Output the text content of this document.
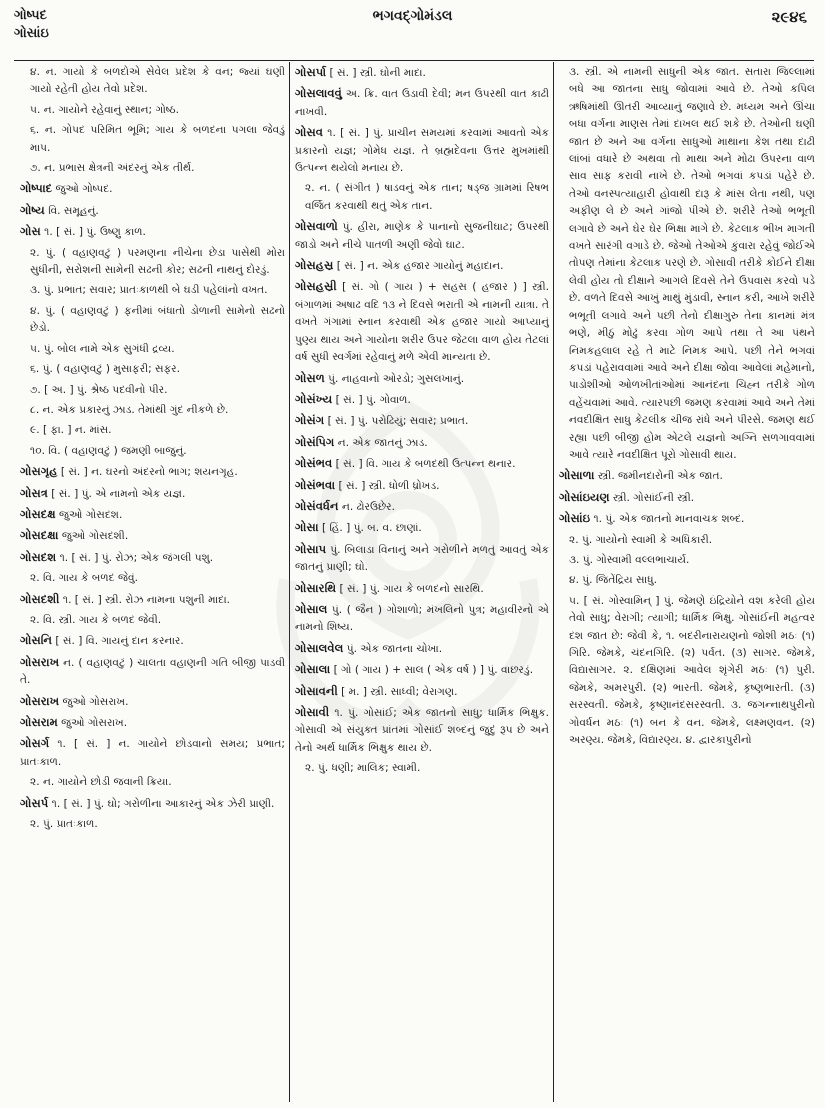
ગોષ્પદ
ગોસાંઇ
ભગવદ્ગોમંડલ	૨૯૪૬
૪. ન. ગાયો કે બળદોએ સેવેલ પ્રદેશ કે વન; જ્યાં ઘણી ગાયો રહેતી હોય તેવો પ્રદેશ.
૫. ન. ગાયોને રહેવાનું સ્થાન; ગોષ્ઠ.
૬. ન. ગોપદ પરિમિત ભૂમિ; ગાય કે બળદના પગલા જેવડું માપ.
૭. ન. પ્રભાસ ક્ષેત્રની અંદરનું એક તીર્થ.
ગોષ્પાદ જુઓ ગોષ્પદ.
ગોષ્ય વિ. સમૂહનું.
ગોસ ૧. [ સં. ] પું. ઉષ્ણુ કાળ.
૨. પું. ( વહાણવટું ) પરમણના નીચેના છેડા પાસેથી મોરા સુધીની, સરોશની સામેની સઢની કોર; સઢની નાથનું દોરડું.
૩. પું. પ્રભાત; સવાર; પ્રાતઃકાળથી બે ઘડી પહેલાંનો વખત.
૪. પું. ( વહાણવટું ) ફનીમાં બંધાતો ડોળાની સામેનો સઢનો છેડો.
૫. પું. બોલ નામે એક સુગંધી દ્રવ્ય.
૬. પું. ( વહાણવટું ) મુસાફરી; સફર.
૭. [ અ. ] પું. શ્રેષ્ઠ પદવીનો પીર.
૮. ન. એક પ્રકારનું ઝાડ. તેમાંથી ગુંદ નીકળે છે.
૯. [ ફા. ] ન. માંસ.
૧૦. વિ. ( વહાણવટું ) જમણી બાજુનું.
ગોસગૃહ [ સં. ] ન. ઘરનો અંદરનો ભાગ; શયનગૃહ.
ગોસત્ર [ સં. ] પું. એ નામનો એક યજ્ઞ.
ગોસદક્ષ જુઓ ગોસદશ.
ગોસદક્ષા જુઓ ગોસદશી.
ગોસદશ ૧. [ સં. ] પું. રોઝ; એક જંગલી પશુ.
૨. વિ. ગાય કે બળદ જેવું.
ગોસદશી ૧. [ સં. ] સ્ત્રી. રોઝ નામના પશુની માદા.
૨. વિ. સ્ત્રી. ગાય કે બળદ જેવી.
ગોસનિ [ સં. ] વિ. ગાયનું દાન કરનાર.
ગોસરાખ ન. ( વહાણવટું ) ચાલતા વહાણની ગતિ બીજી પાડવી તે.
ગોસરાખ જુઓ ગોસરાખ.
ગોસરામ જુઓ ગોસરાખ.
ગોસર્ગ ૧. [ સં. ] ન. ગાયોને છોડવાનો સમય; પ્રભાત; પ્રાતઃકાળ.
૨. ન. ગાયોને છોડી જવાની ક્રિયા.
ગોસર્પ ૧. [ સં. ] પું. ઘો; ગરોળીના આકારનું એક ઝેરી પ્રાણી.
૨. પું. પ્રાતઃકાળ.
ગોસર્પા [ સં. ] સ્ત્રી. ઘોની માદા.
ગોસલાવવું અ. ક્રિ. વાત ઉડાવી દેવી; મન ઉપરથી વાત કાઢી નાખવી.
ગોસવ ૧. [ સં. ] પું. પ્રાચીન સમયમાં કરવામાં આવતો એક પ્રકારનો યજ્ઞ; ગોમેધ યજ્ઞ. તે બ્રહ્મદેવના ઉત્તર મુખમાંથી ઉત્પન્ન થયેલો મનાય છે.
૨. ન. ( સંગીત ) ષાડવનું એક તાન; ષડ્જ ગ્રામમાં રિષભ વર્જિત કરવાથી થતું એક તાન.
ગોસવાળો પું. હીરા, માણેક કે પાનાનો સુજનીઘાટ; ઉપરથી જાડો અને નીચે પાતળી અણી જેવો ઘાટ.
ગોસહસ્ર [ સં. ] ન. એક હજાર ગાયોનું મહાદાન.
ગોસહસ્રી [ સં. ગો ( ગાય ) + સહસ ( હજાર ) ] સ્ત્રી. બંગાળમાં અષાઢ વદિ ૧૩ ને દિવસે ભરાતી એ નામની યાત્રા. તે વખતે ગંગામાં સ્નાન કરવાથી એક હજાર ગાયો આપ્યાનું પુણ્ય થાય અને ગાયોના શરીર ઉપર જેટલા વાળ હોય તેટલાં વર્ષ સુધી સ્વર્ગમાં રહેવાનું મળે એવી માન્યતા છે.
ગોસળ પું. નાહવાનો ઓરડો; ગુસલખાનું.
ગોસંખ્ય [ સં. ] પું. ગોવાળ.
ગોસંગ [ સં. ] પું. પરોઢિયું; સવાર; પ્રભાત.
ગોસંપિગ ન. એક જાતનું ઝાડ.
ગોસંભવ [ સં. ] વિ. ગાય કે બળદથી ઉત્પન્ન થનાર.
ગોસંભવા [ સં. ] સ્ત્રી. ધોળી ધ્રોખડ.
ગોસંવર્ધન ન. ઢોરઉછેર.
ગોસા [ હિં. ] પું. બ. વ. છાણાં.
ગોસાપ પું. બિલાડા વિનાનું અને ગરોળીને મળતું આવતું એક જાતનું પ્રાણી; ઘો.
ગોસારથિ [ સં. ] પું. ગાય કે બળદનો સારથિ.
ગોસાલ પું. ( જૈન ) ગોશાળો; મંખલિનો પુત્ર; મહાવીરનો એ નામનો શિષ્ય.
ગોસાલવેલ પું. એક જાતના ચોખા.
ગોસાલા [ ગો ( ગાય ) + સાલ ( એક વર્ષ ) ] પું. વાછરડું.
ગોસાવની [ મ. ] સ્ત્રી. સાધ્વી; વેરાગણ.
ગોસાવી ૧. પું. ગોસાંઈ; એક જાતનો સાધુ; ધાર્મિક ભિક્ષુક. ગોસાવી એ સંયુક્ત પ્રાંતમાં ગોસાંઈ શબ્દનું જુદું રૂપ છે અને તેનો અર્થ ધાર્મિક ભિક્ષુક થાય છે.
૨. પું. ધણી; માલિક; સ્વામી.
૩. સ્ત્રી. એ નામની સાધુની એક જાત. સતારા જિલ્લામાં બધે આ જાતના સાધુ જોવામાં આવે છે. તેઓ કપિલ ઋષિમાંથી ઊતરી આવ્યાનું જણાવે છે. મધ્યમ અને ઊંચા બધા વર્ગના માણસ તેમાં દાખલ થઈ શકે છે. તેઓની ઘણી જાત છે અને આ વર્ગના સાધુઓ માથાના કેશ તથા દાઢી લાંબાં વધારે છે અથવા તો માથા અને મોઢા ઉપરના વાળ સાવ સાફ કરાવી નાખે છે. તેઓ ભગવાં કપડાં પહેરે છે. તેઓ વનસ્પત્યાહારી હોવાથી દારૂ કે માંસ લેતા નથી, પણ અફીણ લે છે અને ગાંજો પીએ છે. શરીરે તેઓ ભભૂતી લગાવે છે અને ઘેર ઘેર ભિક્ષા માગે છે. કેટલાક ભીખ માગતી વખતે સારંગી વગાડે છે. જેઓ તેઓએ કુંવારા રહેવું જોઈએ તોપણ તેમાંના કેટલાક પરણે છે. ગોસાવી તરીકે કોઈને દીક્ષા લેવી હોય તો દીક્ષાને આગલે દિવસે તેને ઉપવાસ કરવો પડે છે. વળતે દિવસે આખું માથું મુંડાવી, સ્નાન કરી, આખે શરીરે ભભૂતી લગાવે અને પછી તેનો દીક્ષાગુરુ તેના કાનમાં મંત્ર ભણે, મીઠું મોઢું કરવા ગોળ આપે તથા તે આ પંથને નિમકહલાલ રહે તે માટે નિમક આપે. પછી તેને ભગવાં કપડાં પહેરાવવામાં આવે અને દીક્ષા જોવા આવેલાં મહેમાનો, પાડોશીઓ ઓળખીતાંઓમાં આનંદના ચિહ્ન તરીકે ગોળ વહેંચવામાં આવે. ત્યારપછી જમણ કરવામાં આવે અને તેમાં નવદીક્ષિત સાધુ કેટલીક ચીજ રાંધે અને પીરસે. જમણ થઈ રહ્યા પછી બીજી હોમ એટલે યજ્ઞનો અગ્નિ સળગાવવામાં આવે ત્યારે નવદીક્ષિત પૂરો ગોસાવી થાય.
ગોસાળા સ્ત્રી. જમીનદારોની એક જાત.
ગોસાંઇયણ સ્ત્રી. ગોસાંઈની સ્ત્રી.
ગોસાંઇ ૧. પું. એક જાતનો માનવાચક શબ્દ.
૨. પું. ગાયોનો સ્વામી કે અધિકારી.
૩. પું. ગોસ્વામી વલ્લભાચાર્ય.
૪. પું. જિતેંદ્રિય સાધુ.
૫. [ સં. ગોસ્વામિન્ ] પું. જેમણે ઇંદ્રિયોને વશ કરેલી હોય તેવો સાધુ; વેરાગી; ત્યાગી; ધાર્મિક ભિક્ષુ. ગોસાંઈની મહત્વર દશ જાત છે: જેવી કે, ૧. બદરીનારાયણનો જોશી મઠઃ (૧) ગિરિ. જેમકે, ચંદનગિરિ. (૨) પર્વત. (૩) સાગર. જેમકે, વિદ્યાસાગર. ૨. દક્ષિણમાં આવેલ શૃંગેરી મઠઃ (૧) પુરી. જેમકે, અમરપુરી. (૨) ભારતી. જેમકે, કૃષ્ણભારતી. (૩) સરસ્વતી. જેમકે, કૃષ્ણાનંદસરસ્વતી. ૩. જગન્નાથપુરીનો ગોવર્ધન મઠઃ (૧) બન કે વન. જેમકે, લક્ષ્મણવન. (૨) અરણ્ય. જેમકે, વિદ્યારણ્ય. ૪. દ્વારકાપુરીનો
